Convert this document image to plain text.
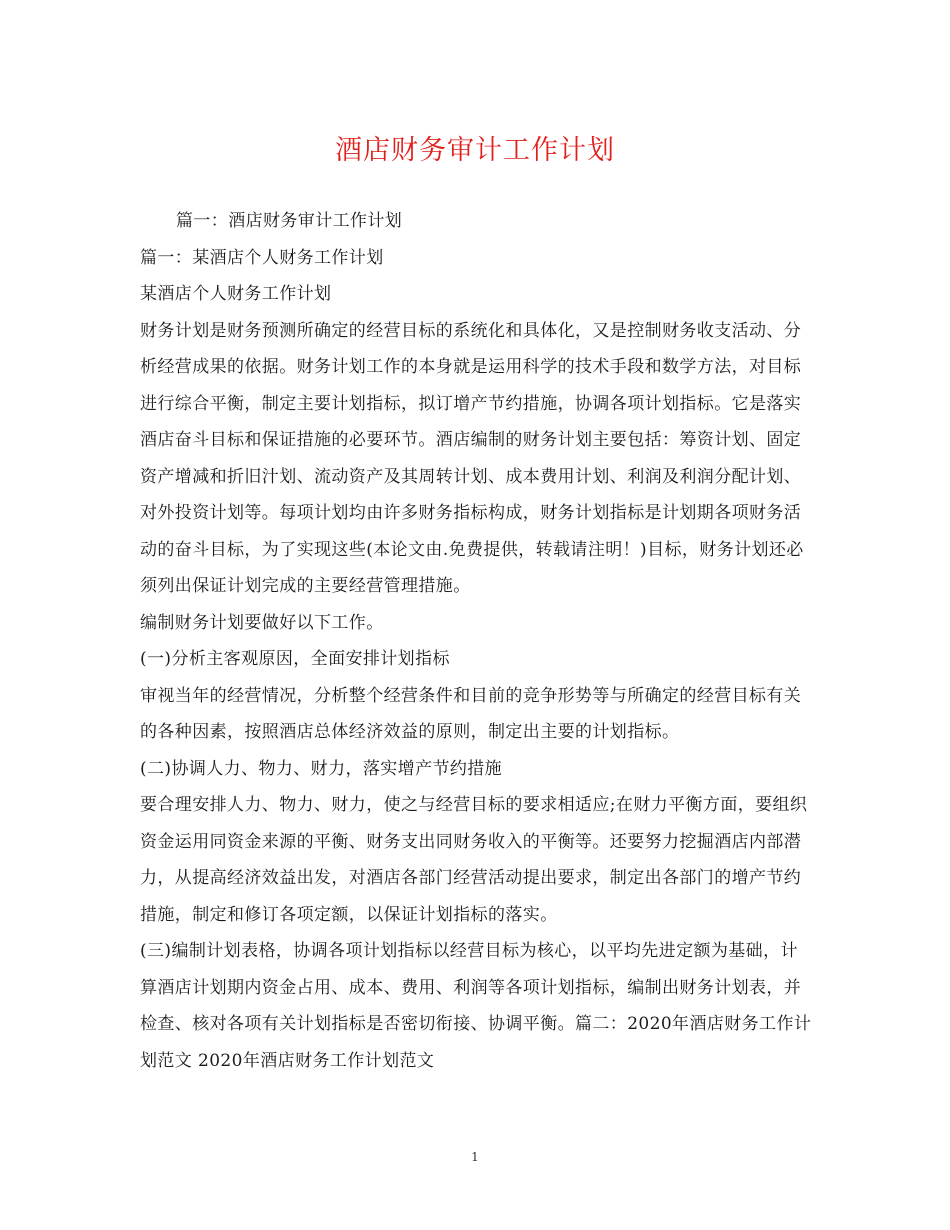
酒店财务审计工作计划

篇一：酒店财务审计工作计划

篇一：某酒店个人财务工作计划

某酒店个人财务工作计划

财务计划是财务预测所确定的经营目标的系统化和具体化，又是控制财务收支活动、分析经营成果的依据。财务计划工作的本身就是运用科学的技术手段和数学方法，对目标进行综合平衡，制定主要计划指标，拟订增产节约措施，协调各项计划指标。它是落实酒店奋斗目标和保证措施的必要环节。酒店编制的财务计划主要包括：筹资计划、固定资产增减和折旧汁划、流动资产及其周转计划、成本费用计划、利润及利润分配计划、对外投资计划等。每项计划均由许多财务指标构成，财务计划指标是计划期各项财务活动的奋斗目标，为了实现这些(本论文由.免费提供，转载请注明！)目标，财务计划还必须列出保证计划完成的主要经营管理措施。

编制财务计划要做好以下工作。

(一)分析主客观原因，全面安排计划指标

审视当年的经营情况，分析整个经营条件和目前的竞争形势等与所确定的经营目标有关的各种因素，按照酒店总体经济效益的原则，制定出主要的计划指标。

(二)协调人力、物力、财力，落实增产节约措施

要合理安排人力、物力、财力，使之与经营目标的要求相适应;在财力平衡方面，要组织资金运用同资金来源的平衡、财务支出同财务收入的平衡等。还要努力挖掘酒店内部潜力，从提高经济效益出发，对酒店各部门经营活动提出要求，制定出各部门的增产节约措施，制定和修订各项定额，以保证计划指标的落实。

(三)编制计划表格，协调各项计划指标以经营目标为核心，以平均先进定额为基础，计算酒店计划期内资金占用、成本、费用、利润等各项计划指标，编制出财务计划表，并检查、核对各项有关计划指标是否密切衔接、协调平衡。篇二：2020年酒店财务工作计划范文 2020年酒店财务工作计划范文

1
